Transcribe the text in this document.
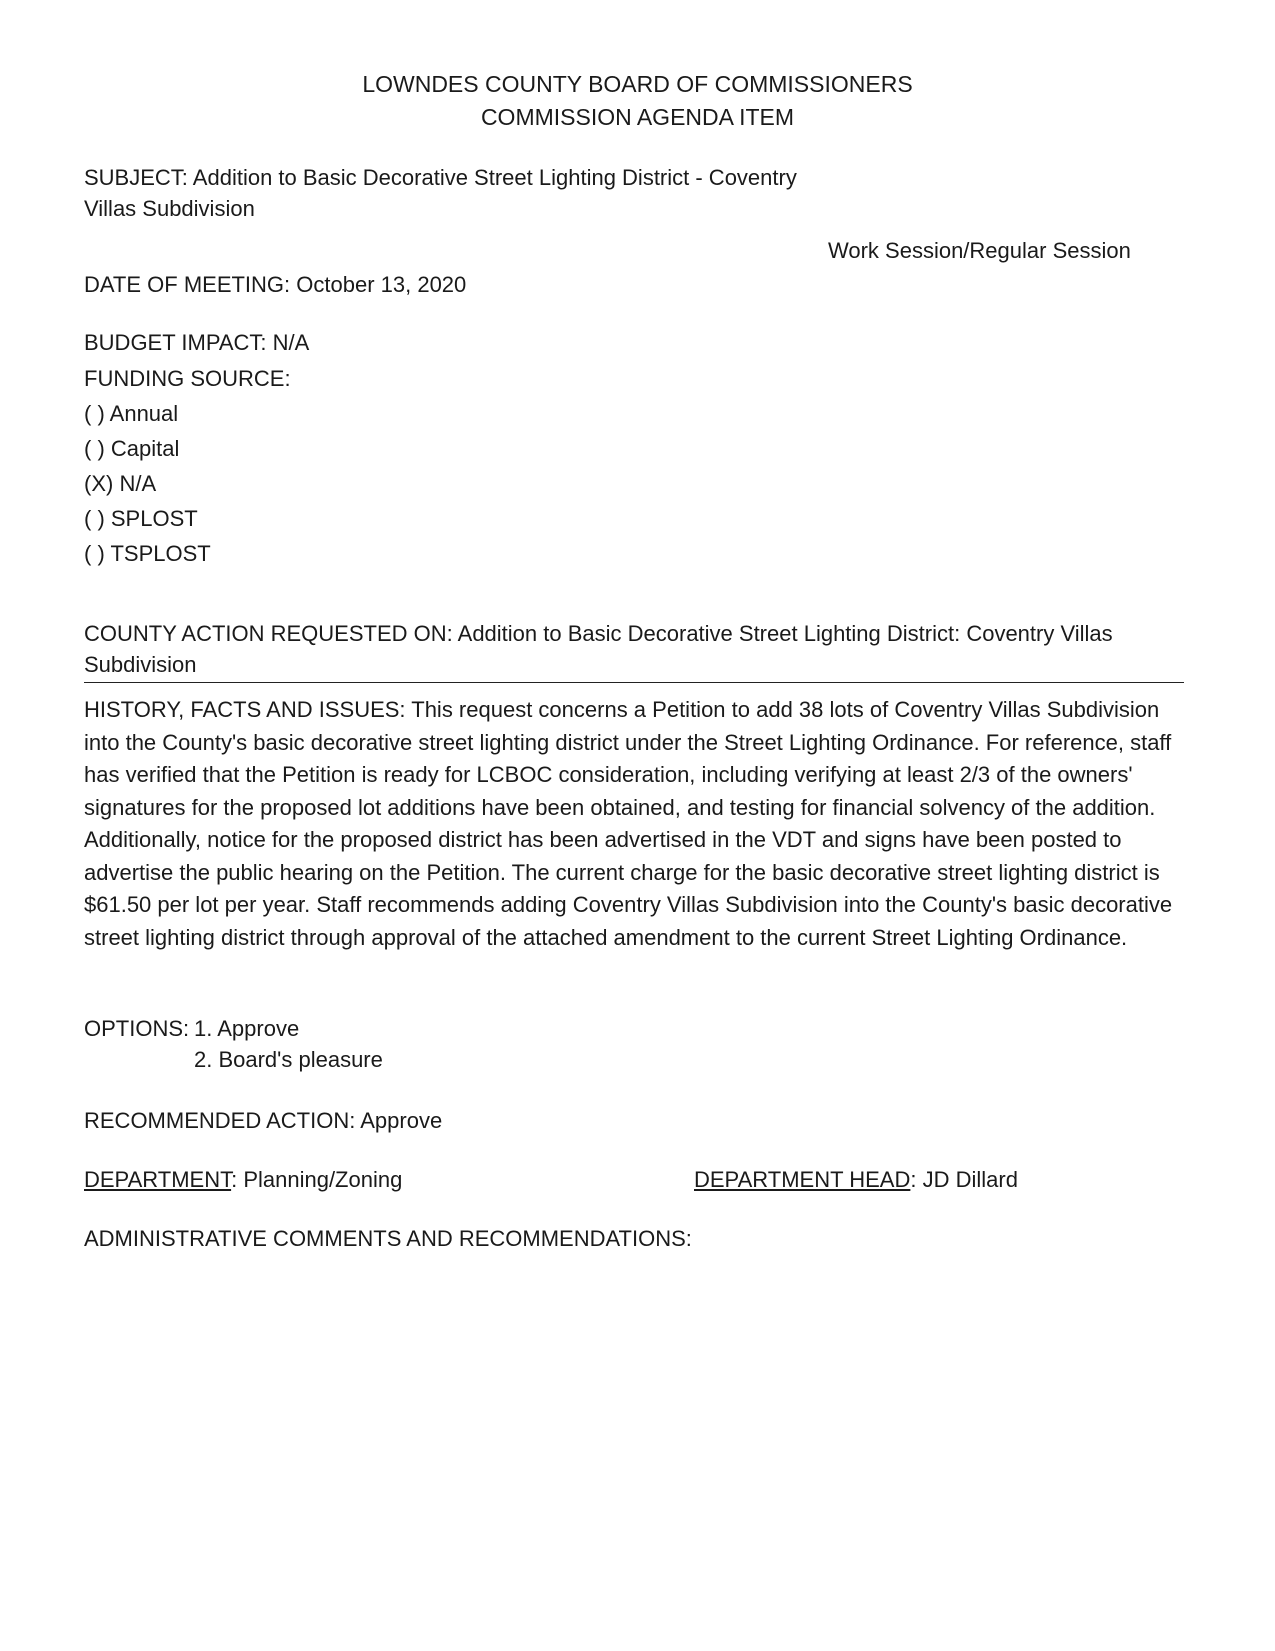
LOWNDES COUNTY BOARD OF COMMISSIONERS
COMMISSION AGENDA ITEM
SUBJECT: Addition to Basic Decorative Street Lighting District - Coventry Villas Subdivision
Work Session/Regular Session
DATE OF MEETING: October 13, 2020
BUDGET IMPACT: N/A
FUNDING SOURCE:
( ) Annual
( ) Capital
(X) N/A
( ) SPLOST
( ) TSPLOST
COUNTY ACTION REQUESTED ON: Addition to Basic Decorative Street Lighting District: Coventry Villas Subdivision
HISTORY, FACTS AND ISSUES: This request concerns a Petition to add 38 lots of Coventry Villas Subdivision into the County's basic decorative street lighting district under the Street Lighting Ordinance. For reference, staff has verified that the Petition is ready for LCBOC consideration, including verifying at least 2/3 of the owners' signatures for the proposed lot additions have been obtained, and testing for financial solvency of the addition. Additionally, notice for the proposed district has been advertised in the VDT and signs have been posted to advertise the public hearing on the Petition. The current charge for the basic decorative street lighting district is $61.50 per lot per year. Staff recommends adding Coventry Villas Subdivision into the County's basic decorative street lighting district through approval of the attached amendment to the current Street Lighting Ordinance.
OPTIONS: 1. Approve
2. Board's pleasure
RECOMMENDED ACTION: Approve
DEPARTMENT: Planning/Zoning	DEPARTMENT HEAD: JD Dillard
ADMINISTRATIVE COMMENTS AND RECOMMENDATIONS:
